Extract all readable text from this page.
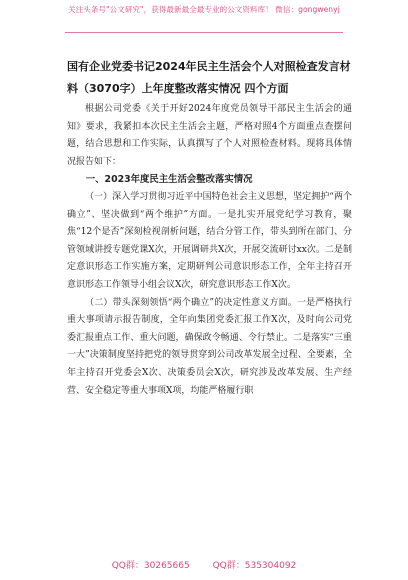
关注头条号"公文研究"，获得最新最全最专业的公文资料库！ 微信：gongwenyj
国有企业党委书记2024年民主生活会个人对照检查发言材料（3070字）上年度整改落实情况 四个方面

根据公司党委《关于开好2024年度党员领导干部民主生活会的通知》要求，我紧扣本次民主生活会主题，严格对照4个方面重点查摆问题，结合思想和工作实际，认真撰写了个人对照检查材料。现将具体情况报告如下：

一、2023年度民主生活会整改落实情况

（一）深入学习贯彻习近平中国特色社会主义思想，坚定拥护“两个确立”、坚决做到“两个维护”方面。一是扎实开展党纪学习教育，聚焦“12个是否”深刻检视剖析问题，结合分管工作，带头到所在部门、分管领域讲授专题党课X次，开展调研共X次，开展交流研讨xx次。二是制定意识形态工作实施方案，定期研判公司意识形态工作，全年主持召开意识形态工作领导小组会议X次，研究意识形态工作X次。

（二）带头深刻领悟“两个确立”的决定性意义方面。一是严格执行重大事项请示报告制度，全年向集团党委汇报工作X次，及时向公司党委汇报重点工作、重大问题，确保政令畅通、令行禁止。二是落实“三重一大”决策制度坚持把党的领导贯穿到公司改革发展全过程、全要素，全年主持召开党委会X次、决策委员会X次，研究涉及改革发展、生产经营、安全稳定等重大事项X项，均能严格履行职

QQ群：30265665	QQ群：535304092
